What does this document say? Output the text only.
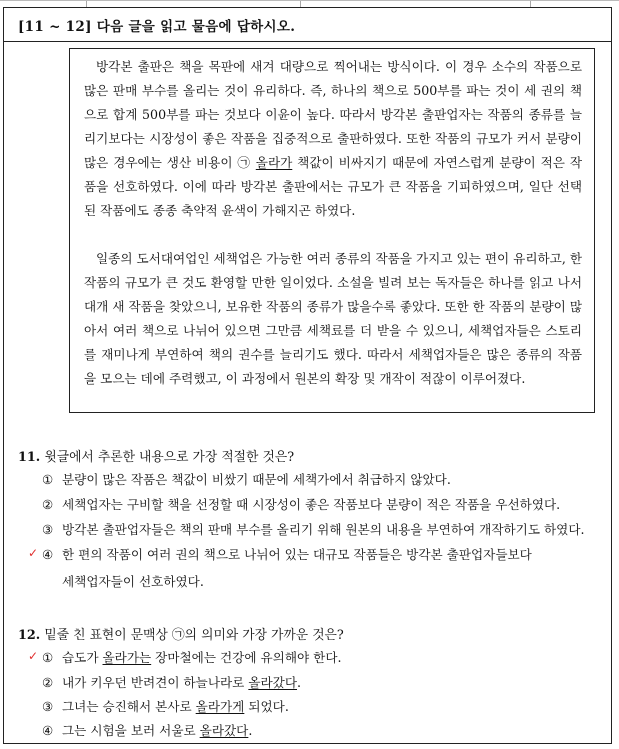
[11 ~ 12] 다음 글을 읽고 물음에 답하시오.

방각본 출판은 책을 목판에 새겨 대량으로 찍어내는 방식이다. 이 경우 소수의 작품으로 많은 판매 부수를 올리는 것이 유리하다. 즉, 하나의 책으로 500부를 파는 것이 세 권의 책으로 합계 500부를 파는 것보다 이윤이 높다. 따라서 방각본 출판업자는 작품의 종류를 늘리기보다는 시장성이 좋은 작품을 집중적으로 출판하였다. 또한 작품의 규모가 커서 분량이 많은 경우에는 생산 비용이 ㉠ 올라가 책값이 비싸지기 때문에 자연스럽게 분량이 적은 작품을 선호하였다. 이에 따라 방각본 출판에서는 규모가 큰 작품을 기피하였으며, 일단 선택된 작품에도 종종 축약적 윤색이 가해지곤 하였다.

일종의 도서대여업인 세책업은 가능한 여러 종류의 작품을 가지고 있는 편이 유리하고, 한 작품의 규모가 큰 것도 환영할 만한 일이었다. 소설을 빌려 보는 독자들은 하나를 읽고 나서 대개 새 작품을 찾았으니, 보유한 작품의 종류가 많을수록 좋았다. 또한 한 작품의 분량이 많아서 여러 책으로 나뉘어 있으면 그만큼 세책료를 더 받을 수 있으니, 세책업자들은 스토리를 재미나게 부연하여 책의 권수를 늘리기도 했다. 따라서 세책업자들은 많은 종류의 작품을 모으는 데에 주력했고, 이 과정에서 원본의 확장 및 개작이 적잖이 이루어졌다.

11. 윗글에서 추론한 내용으로 가장 적절한 것은?
① 분량이 많은 작품은 책값이 비쌌기 때문에 세책가에서 취급하지 않았다.
② 세책업자는 구비할 책을 선정할 때 시장성이 좋은 작품보다 분량이 적은 작품을 우선하였다.
③ 방각본 출판업자들은 책의 판매 부수를 올리기 위해 원본의 내용을 부연하여 개작하기도 하였다.
✓ ④ 한 편의 작품이 여러 권의 책으로 나뉘어 있는 대규모 작품들은 방각본 출판업자들보다
세책업자들이 선호하였다.
12. 밑줄 친 표현이 문맥상 ㉠의 의미와 가장 가까운 것은?
✓ ① 습도가 올라가는 장마철에는 건강에 유의해야 한다.
② 내가 키우던 반려견이 하늘나라로 올라갔다.
③ 그녀는 승진해서 본사로 올라가게 되었다.
④ 그는 시험을 보러 서울로 올라갔다.
